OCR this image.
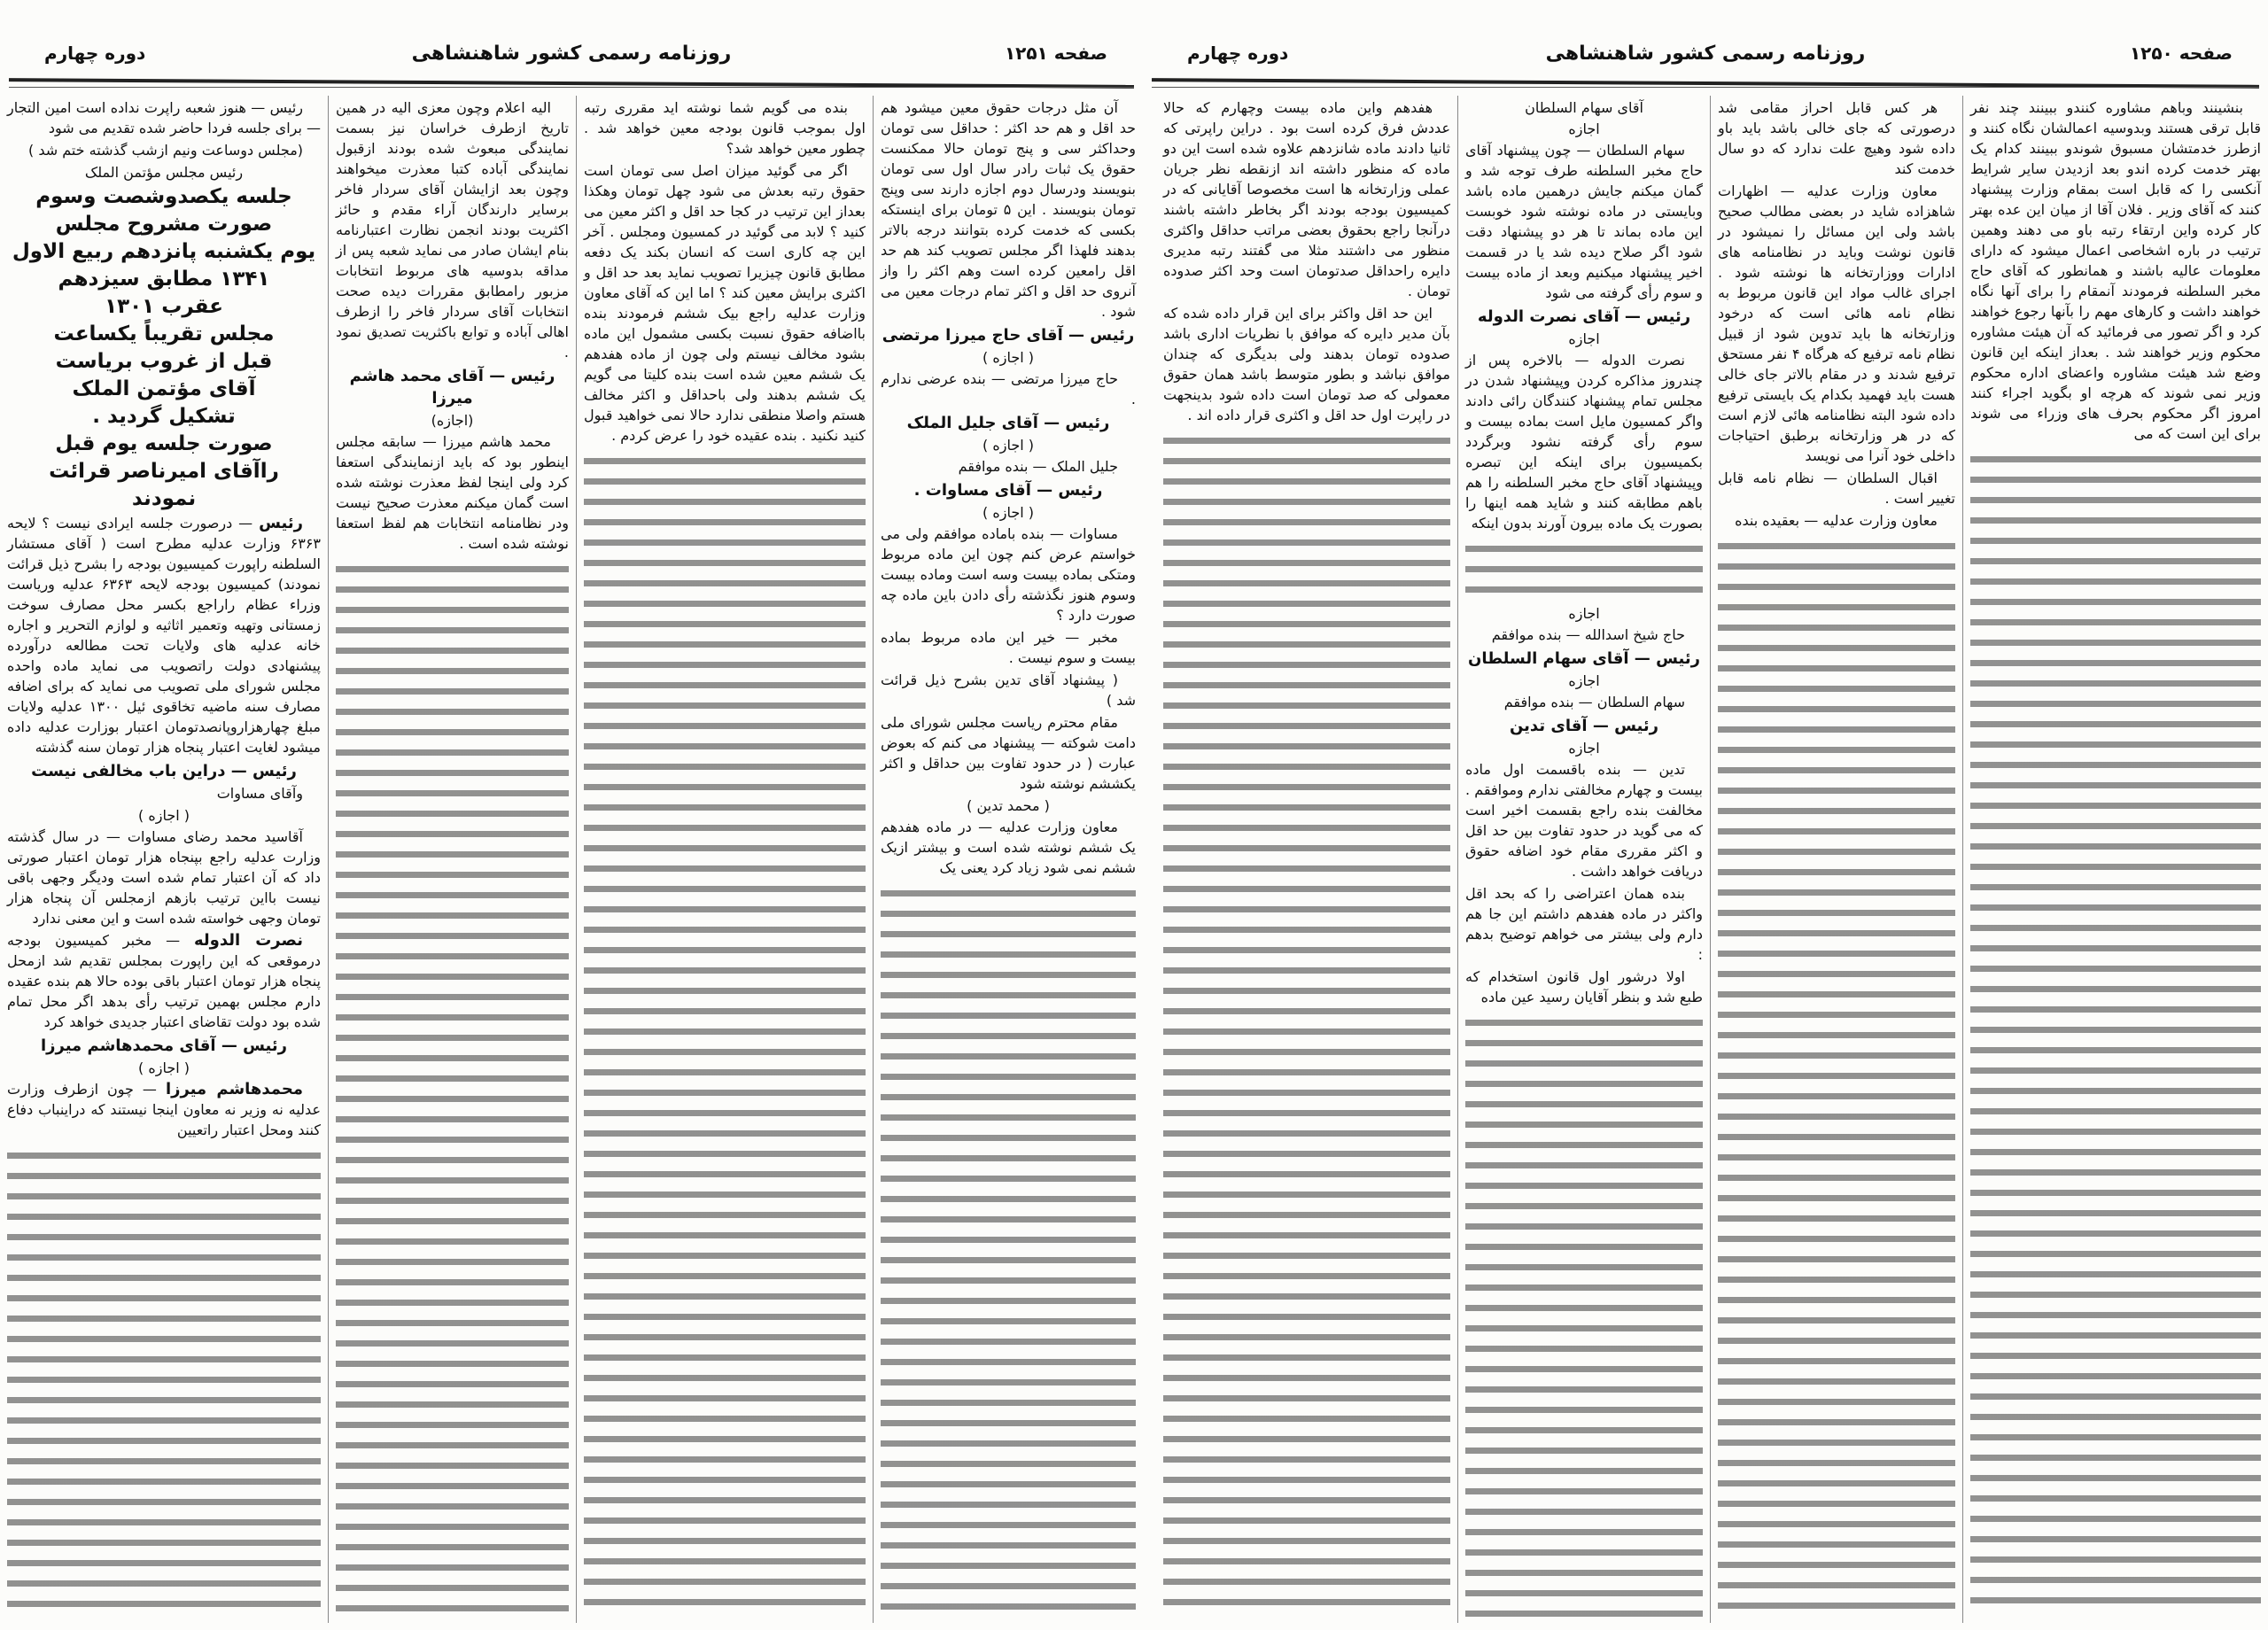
صفحه ۱۲۵۱
روزنامه رسمی کشور شاهنشاهی
دوره چهارم

آن مثل درجات حقوق معین میشود هم حد اقل و هم حد اکثر : حداقل سی تومان وحداکثر سی و پنج تومان حالا ممکنست حقوق یک ثبات رادر سال اول سی تومان بنویسند ودرسال دوم اجازه دارند سی وپنج تومان بنویسند . این ۵ تومان برای اینستکه بکسی که خدمت کرده بتوانند درجه بالاتر بدهند فلهذا اگر مجلس تصویب کند هم حد اقل رامعین کرده است وهم اکثر را واز آنروی حد اقل و اکثر تمام درجات معین می شود .

رئیس — آقای حاج میرزا مرتضی

( اجازه )

حاج میرزا مرتضی — بنده عرضی ندارم .

رئیس — آقای جلیل الملک

( اجازه )

جلیل الملک — بنده موافقم

رئیس — آقای مساوات .

( اجازه )

مساوات — بنده باماده موافقم ولی می خواستم عرض کنم چون این ماده مربوط ومتکی بماده بیست وسه است وماده بیست وسوم هنوز نگذشته رأی دادن باین ماده چه صورت دارد ؟

مخبر — خیر این ماده مربوط بماده بیست و سوم نیست .

( پیشنهاد آقای تدین بشرح ذیل قرائت شد )

مقام محترم ریاست مجلس شورای ملی دامت شوکته — پیشنهاد می کنم که بعوض عبارت ( در حدود تفاوت بین حداقل و اکثر یکششم نوشته شود

( محمد تدین )

معاون وزارت عدلیه — در ماده هفدهم یک ششم نوشته شده است و بیشتر ازیک ششم نمی شود زیاد کرد یعنی یک

بنده می گویم شما نوشته اید مقرری رتبه اول بموجب قانون بودجه معین خواهد شد . چطور معین خواهد شد؟

اگر می گوئید میزان اصل سی تومان است حقوق رتبه بعدش می شود چهل تومان وهکذا بعداز این ترتیب در کجا حد اقل و اکثر معین می کنید ؟ لابد می گوئید در کمسیون ومجلس . آخر این چه کاری است که انسان بکند یک دفعه مطابق قانون چیزیرا تصویب نماید بعد حد اقل و اکثری برایش معین کند ؟ اما این که آقای معاون وزارت عدلیه راجع بیک ششم فرمودند بنده بااضافه حقوق نسبت بکسی مشمول این ماده بشود مخالف نیستم ولی چون از ماده هفدهم یک ششم معین شده است بنده کلیتا می گویم یک ششم بدهند ولی باحداقل و اکثر مخالف هستم واصلا منطقی ندارد حالا نمی خواهید قبول کنید نکنید . بنده عقیده خود را عرض کردم .

الیه اعلام وچون معزی الیه در همین تاریخ ازطرف خراسان نیز بسمت نمایندگی مبعوث شده بودند ازقبول نمایندگی آباده کتبا معذرت میخواهند وچون بعد ازایشان آقای سردار فاخر برسایر دارندگان آراء مقدم و حائز اکثریت بودند انجمن نظارت اعتبارنامه بنام ایشان صادر می نماید شعبه پس از مداقه بدوسیه های مربوط انتخابات مزبور رامطابق مقررات دیده صحت انتخابات آقای سردار فاخر را ازطرف اهالی آباده و توابع باکثریت تصدیق نمود .

رئیس — آقای محمد هاشم میرزا

(اجازه)

محمد هاشم میرزا — سابقه مجلس اینطور بود که باید ازنمایندگی استعفا کرد ولی اینجا لفظ معذرت نوشته شده است گمان میکنم معذرت صحیح نیست ودر نظامنامه انتخابات هم لفظ استعفا نوشته شده است .

رئیس — هنوز شعبه راپرت نداده است امین التجار — برای جلسه فردا حاضر شده تقدیم می شود

(مجلس دوساعت ونیم ازشب گذشته ختم شد )

رئیس مجلس مؤتمن الملک

جلسه یکصدوشصت وسوم

صورت مشروح مجلس

یوم یکشنبه پانزدهم ربیع الاول

۱۳۴۱ مطابق سیزدهم

عقرب ۱۳۰۱

مجلس تقریباً یکساعت

قبل از غروب بریاست

آقای مؤتمن الملک

تشکیل گردید .

صورت جلسه یوم قبل

راآقای امیرناصر قرائت

نمودند

رئیس — درصورت جلسه ایرادی نیست ؟ لایحه ۶۳۶۳ وزارت عدلیه مطرح است ( آقای مستشار السلطنه راپورت کمیسیون بودجه را بشرح ذیل قرائت نمودند) کمیسیون بودجه لایحه ۶۳۶۳ عدلیه وریاست وزراء عظام راراجع بکسر محل مصارف سوخت زمستانی وتهیه وتعمیر اثاثیه و لوازم التحریر و اجاره خانه عدلیه های ولایات تحت مطالعه درآورده پیشنهادی دولت راتصویب می نماید ماده واحده مجلس شورای ملی تصویب می نماید که برای اضافه مصارف سنه ماضیه تخاقوی ئیل ۱۳۰۰ عدلیه ولایات مبلغ چهارهزاروپانصدتومان اعتبار بوزارت عدلیه داده میشود لغایت اعتبار پنجاه هزار تومان سنه گذشته

رئیس — دراین باب مخالفی نیست

وآقای مساوات

( اجازه )

آقاسید محمد رضای مساوات — در سال گذشته وزارت عدلیه راجع بپنجاه هزار تومان اعتبار صورتی داد که آن اعتبار تمام شده است ودیگر وجهی باقی نیست بااین ترتیب بازهم ازمجلس آن پنجاه هزار تومان وجهی خواسته شده است و این معنی ندارد

نصرت الدوله — مخبر کمیسیون بودجه درموقعی که این راپورت بمجلس تقدیم شد ازمحل پنجاه هزار تومان اعتبار باقی بوده حالا هم بنده عقیده دارم مجلس بهمین ترتیب رأی بدهد اگر محل تمام شده بود دولت تقاضای اعتبار جدیدی خواهد کرد

رئیس — آقای محمدهاشم میرزا

( اجازه )

محمدهاشم میرزا — چون ازطرف وزارت عدلیه نه وزیر نه معاون اینجا نیستند که دراینباب دفاع کنند ومحل اعتبار راتعیین

صفحه ۱۲۵۰
روزنامه رسمی کشور شاهنشاهی
دوره چهارم

بنشینند وباهم مشاوره کنندو ببینند چند نفر قابل ترقی هستند وبدوسیه اعمالشان نگاه کنند و ازطرز خدمتشان مسبوق شوندو ببینند کدام یک بهتر خدمت کرده اندو بعد ازدیدن سایر شرایط آنکسی را که قابل است بمقام وزارت پیشنهاد کنند که آقای وزیر . فلان آقا از میان این عده بهتر کار کرده واین ارتقاء رتبه باو می دهند وهمین ترتیب در باره اشخاصی اعمال میشود که دارای معلومات عالیه باشند و همانطور که آقای حاج مخبر السلطنه فرمودند آنمقام را برای آنها نگاه خواهند داشت و کارهای مهم را بآنها رجوع خواهند کرد و اگر تصور می فرمائید که آن هیئت مشاوره محکوم وزیر خواهند شد . بعداز اینکه این قانون وضع شد هیئت مشاوره واعضای اداره محکوم وزیر نمی شوند که هرچه او بگوید اجراء کنند امروز اگر محکوم بحرف های وزراء می شوند برای این است که می

هر کس قابل احراز مقامی شد درصورتی که جای خالی باشد باید باو داده شود وهیچ علت ندارد که دو سال خدمت کند

معاون وزارت عدلیه — اظهارات شاهزاده شاید در بعضی مطالب صحیح باشد ولی این مسائل را نمیشود در قانون نوشت وباید در نظامنامه های ادارات ووزارتخانه ها نوشته شود . اجرای غالب مواد این قانون مربوط به نظام نامه هائی است که درخود وزارتخانه ها باید تدوین شود از قبیل نظام نامه ترفیع که هرگاه ۴ نفر مستحق ترفیع شدند و در مقام بالاتر جای خالی هست باید فهمید بکدام یک بایستی ترفیع داده شود البته نظامنامه هائی لازم است که در هر وزارتخانه برطبق احتیاجات داخلی خود آنرا می نویسد

اقبال السلطان — نظام نامه قابل تغییر است .

معاون وزارت عدلیه — بعقیده بنده

آقای سهام السلطان

اجازه

سهام السلطان — چون پیشنهاد آقای حاج مخبر السلطنه طرف توجه شد و گمان میکنم جایش درهمین ماده باشد وبایستی در ماده نوشته شود خوبست این ماده بماند تا هر دو پیشنهاد دقت شود اگر صلاح دیده شد یا در قسمت اخیر پیشنهاد میکنیم وبعد از ماده بیست و سوم رأی گرفته می شود

رئیس — آقای نصرت الدوله

اجازه

نصرت الدوله — بالاخره پس از چندروز مذاکره کردن وپیشنهاد شدن در مجلس تمام پیشنهاد کنندگان رائی دادند واگر کمسیون مایل است بماده بیست و سوم رأی گرفته نشود وبرگردد بکمیسیون برای اینکه این تبصره وپیشنهاد آقای حاج مخبر السلطنه را هم باهم مطابقه کنند و شاید همه اینها را بصورت یک ماده بیرون آورند بدون اینکه

اجازه

حاج شیخ اسدالله — بنده موافقم

رئیس — آقای سهام السلطان

اجازه

سهام السلطان — بنده موافقم

رئیس — آقای تدین

اجازه

تدین — بنده باقسمت اول ماده بیست و چهارم مخالفتی ندارم وموافقم . مخالفت بنده راجع بقسمت اخیر است که می گوید در حدود تفاوت بین حد اقل و اکثر مقرری مقام خود اضافه حقوق دریافت خواهد داشت .

بنده همان اعتراضی را که بحد اقل واکثر در ماده هفدهم داشتم این جا هم دارم ولی بیشتر می خواهم توضیح بدهم :

اولا درشور اول قانون استخدام که طبع شد و بنظر آقایان رسید عین ماده

هفدهم واین ماده بیست وچهارم که حالا عددش فرق کرده است بود . دراین راپرتی که ثانیا دادند ماده شانزدهم علاوه شده است این دو ماده که منظور داشته اند ازنقطه نظر جریان عملی وزارتخانه ها است مخصوصا آقایانی که در کمیسیون بودجه بودند اگر بخاطر داشته باشند درآنجا راجع بحقوق بعضی مراتب حداقل واکثری منظور می داشتند مثلا می گفتند رتبه مدیری دایره راحداقل صدتومان است وحد اکثر صدوده تومان .

این حد اقل واکثر برای این قرار داده شده که بآن مدیر دایره که موافق با نظریات اداری باشد صدوده تومان بدهند ولی بدیگری که چندان موافق نباشد و بطور متوسط باشد همان حقوق معمولی که صد تومان است داده شود بدینجهت در راپرت اول حد اقل و اکثری قرار داده اند .
